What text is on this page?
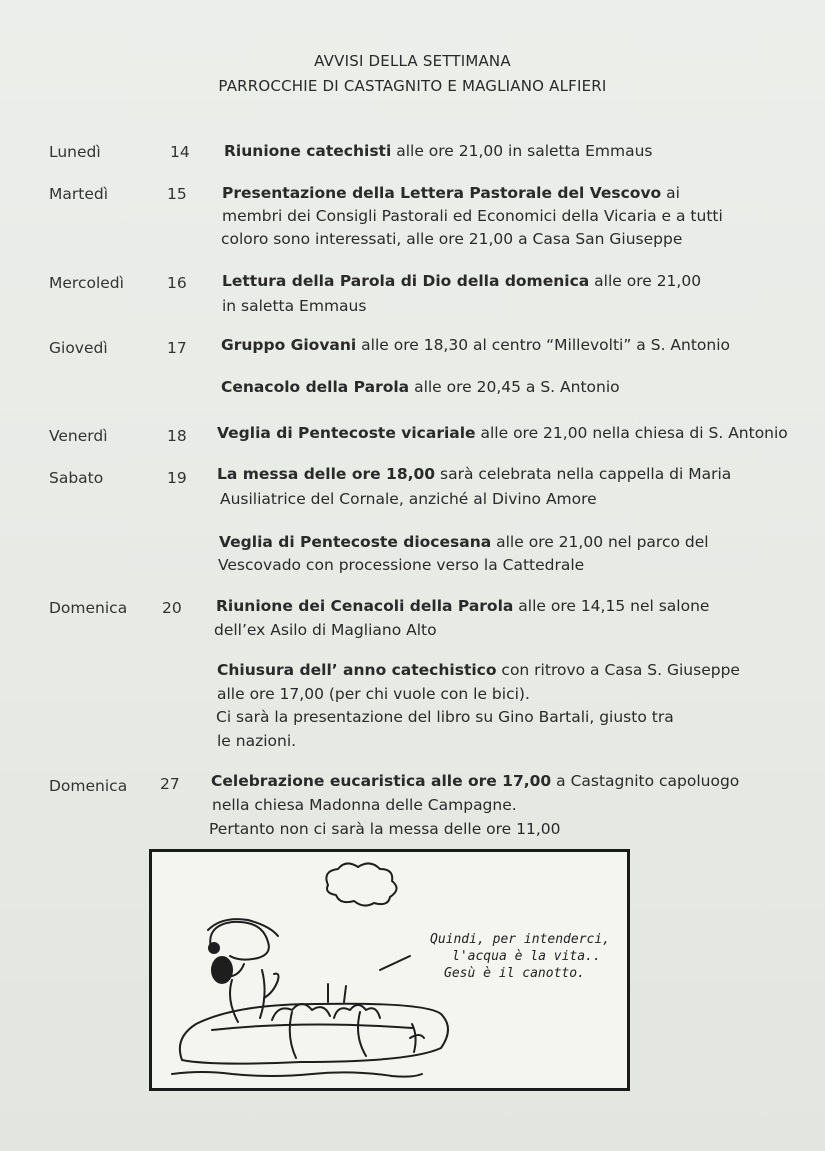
AVVISI DELLA SETTIMANA
PARROCCHIE DI CASTAGNITO E MAGLIANO ALFIERI
Lunedì	14 Riunione catechisti alle ore 21,00 in saletta Emmaus
Martedì	15 Presentazione della Lettera Pastorale del Vescovo ai
membri dei Consigli Pastorali ed Economici della Vicaria e a tutti
coloro sono interessati, alle ore 21,00 a Casa San Giuseppe
Mercoledì	16 Lettura della Parola di Dio della domenica alle ore 21,00
in saletta Emmaus
Giovedì	17 Gruppo Giovani alle ore 18,30 al centro “Millevolti” a S. Antonio
Cenacolo della Parola alle ore 20,45 a S. Antonio
Venerdì	18 Veglia di Pentecoste vicariale alle ore 21,00 nella chiesa di S. Antonio
Sabato	19 La messa delle ore 18,00 sarà celebrata nella cappella di Maria
Ausiliatrice del Cornale, anziché al Divino Amore
Veglia di Pentecoste diocesana alle ore 21,00 nel parco del
Vescovado con processione verso la Cattedrale
Domenica 20 Riunione dei Cenacoli della Parola alle ore 14,15 nel salone
dell’ex Asilo di Magliano Alto
Chiusura dell’ anno catechistico con ritrovo a Casa S. Giuseppe
alle ore 17,00 (per chi vuole con le bici).
Ci sarà la presentazione del libro su Gino Bartali, giusto tra
le nazioni.
Domenica 27 Celebrazione eucaristica alle ore 17,00 a Castagnito capoluogo
nella chiesa Madonna delle Campagne.
Pertanto non ci sarà la messa delle ore 11,00
Quindi, per intenderci,
l'acqua è la vita..
Gesù è il canotto.
